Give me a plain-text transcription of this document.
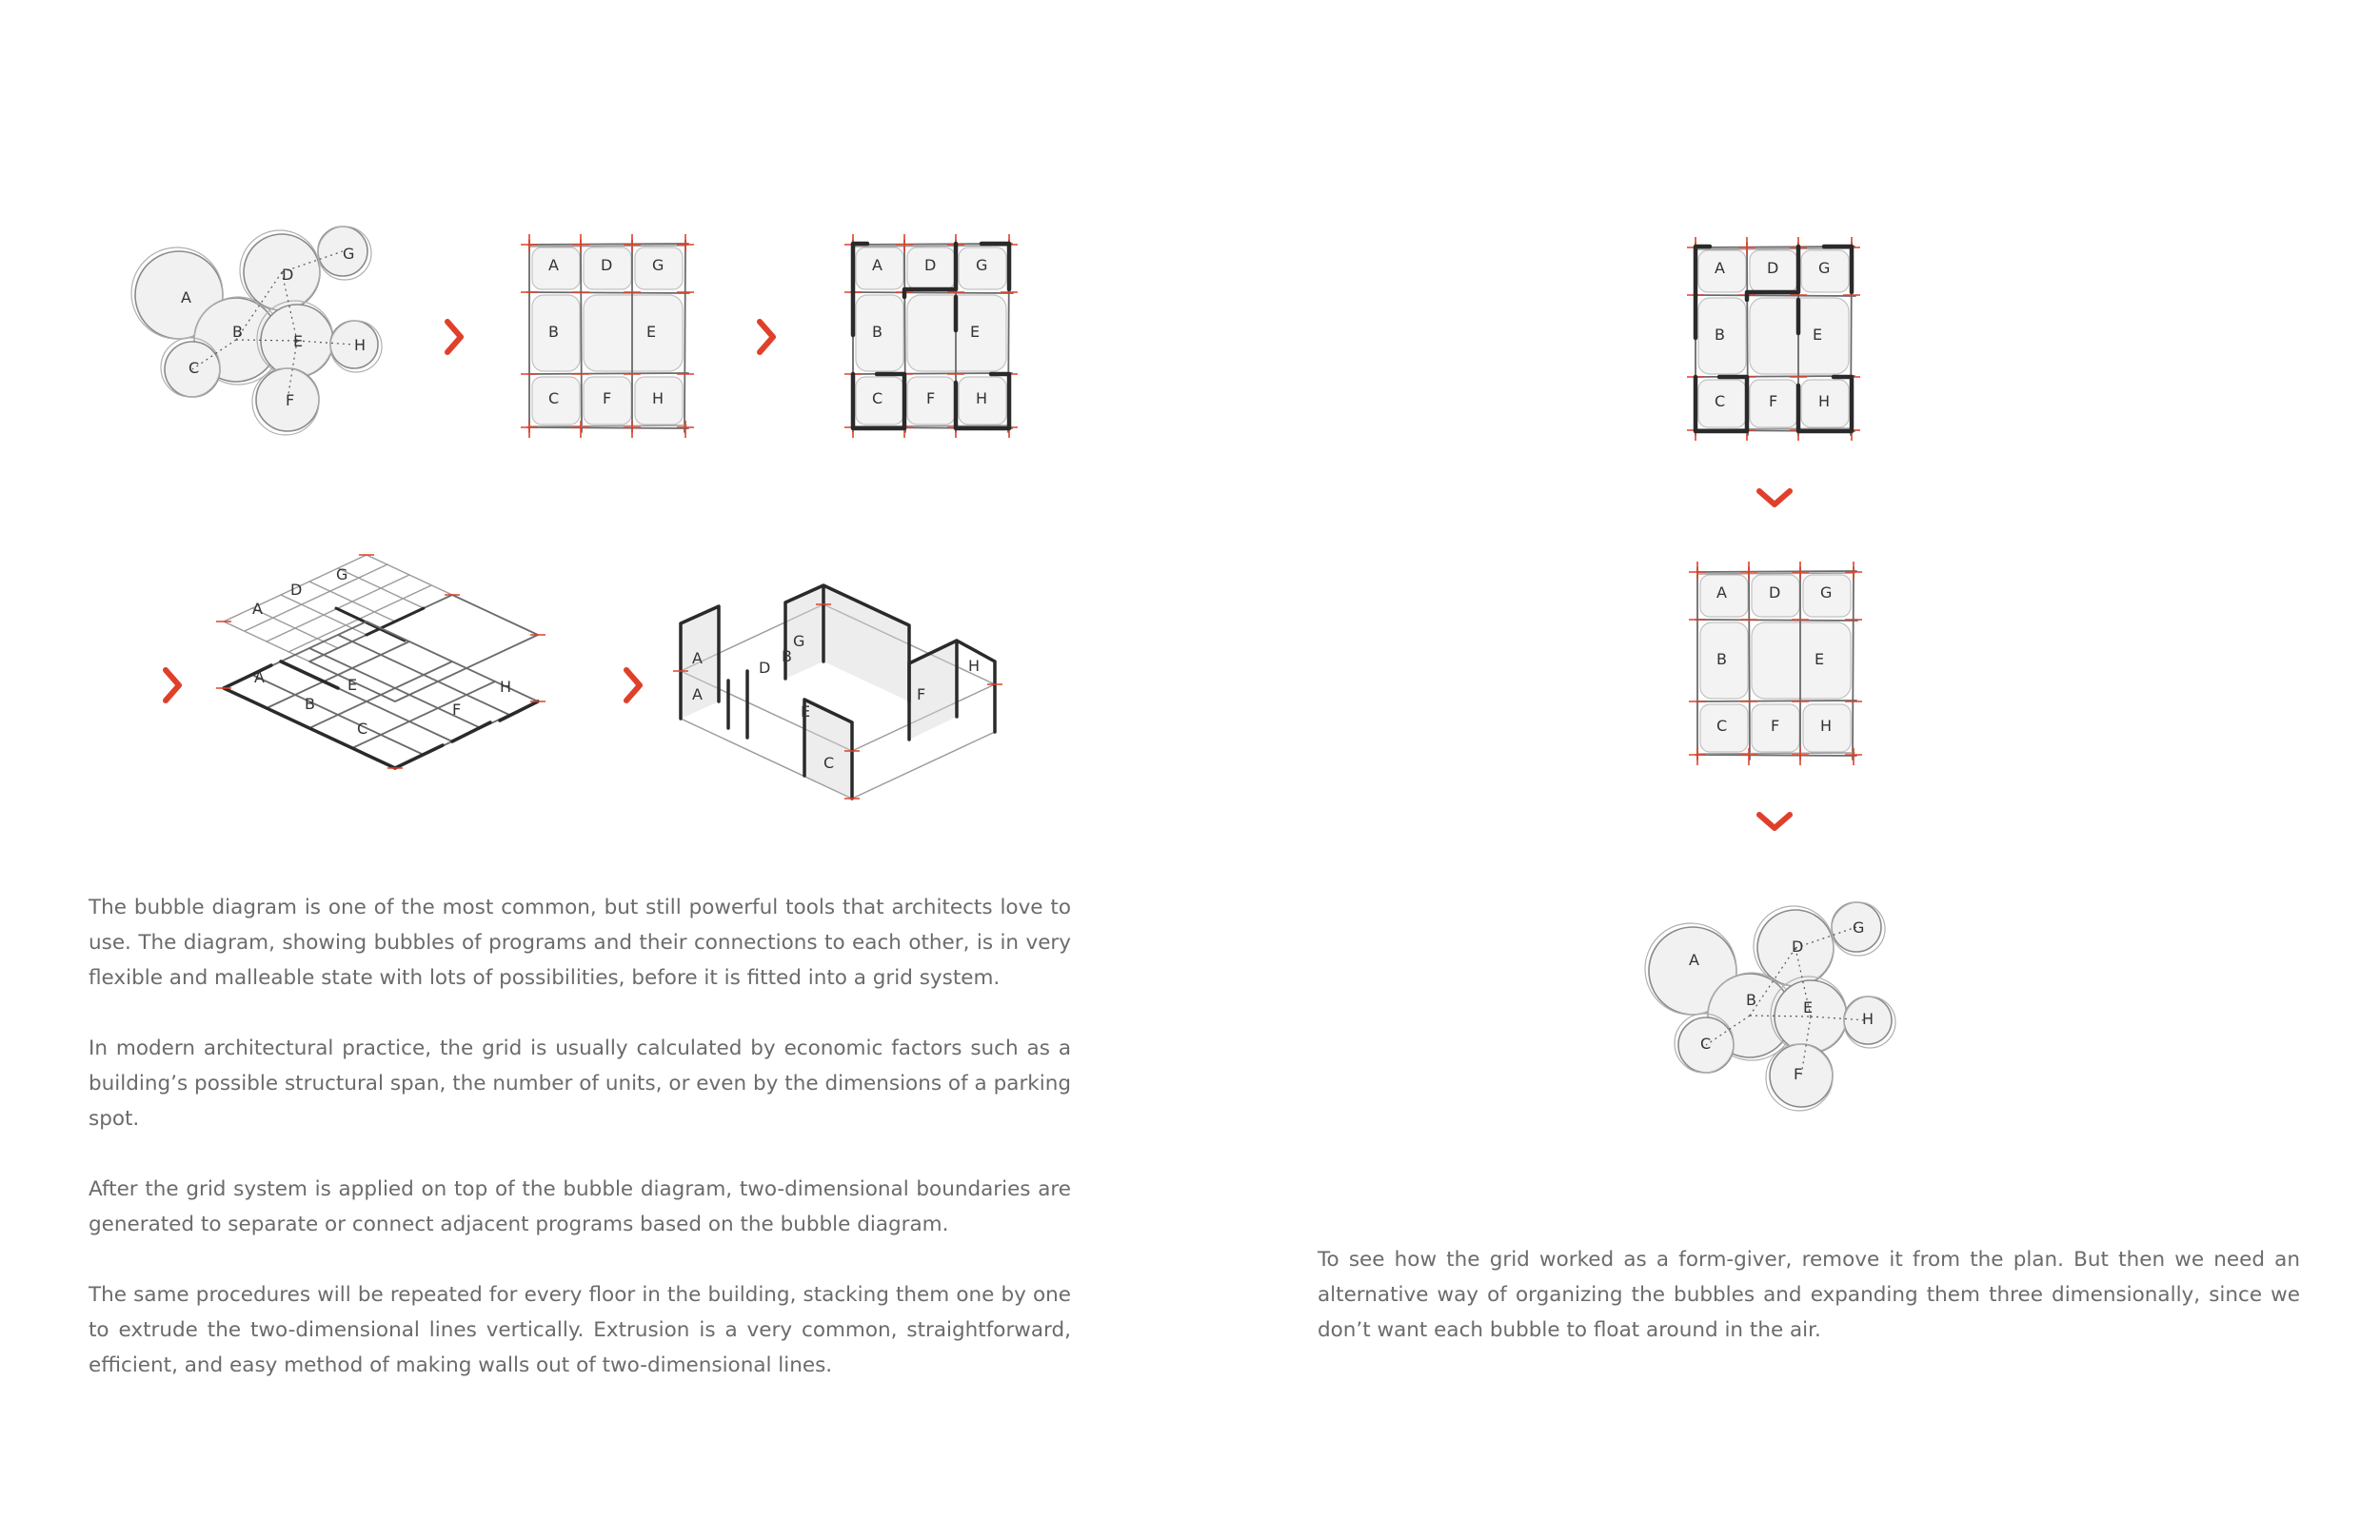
A
B
C
D
E
F
G
H
A	D	G
B	E
C	F	H
A	D	G
B	E
C	F	H
A
D
G
A
B
C
E
F
H
A
A
D
B
G
E
C
F
H

The bubble diagram is one of the most common, but still powerful tools that architects love to use. The diagram, showing bubbles of programs and their connections to each other, is in very flexible and malleable state with lots of possibilities, before it is fitted into a grid system.

In modern architectural practice, the grid is usually calculated by economic factors such as a building’s possible structural span, the number of units, or even by the dimensions of a parking spot.

After the grid system is applied on top of the bubble diagram, two-dimensional boundaries are generated to separate or connect adjacent programs based on the bubble diagram.

The same procedures will be repeated for every floor in the building, stacking them one by one to extrude the two-dimensional lines vertically. Extrusion is a very common, straightforward, efficient, and easy method of making walls out of two-dimensional lines.

A	D	G
B	E
C	F	H
A	D	G
B	E
C	F	H
A
B
C
D
E
F
G
H

To see how the grid worked as a form-giver, remove it from the plan. But then we need an alternative way of organizing the bubbles and expanding them three dimensionally, since we don’t want each bubble to float around in the air.
